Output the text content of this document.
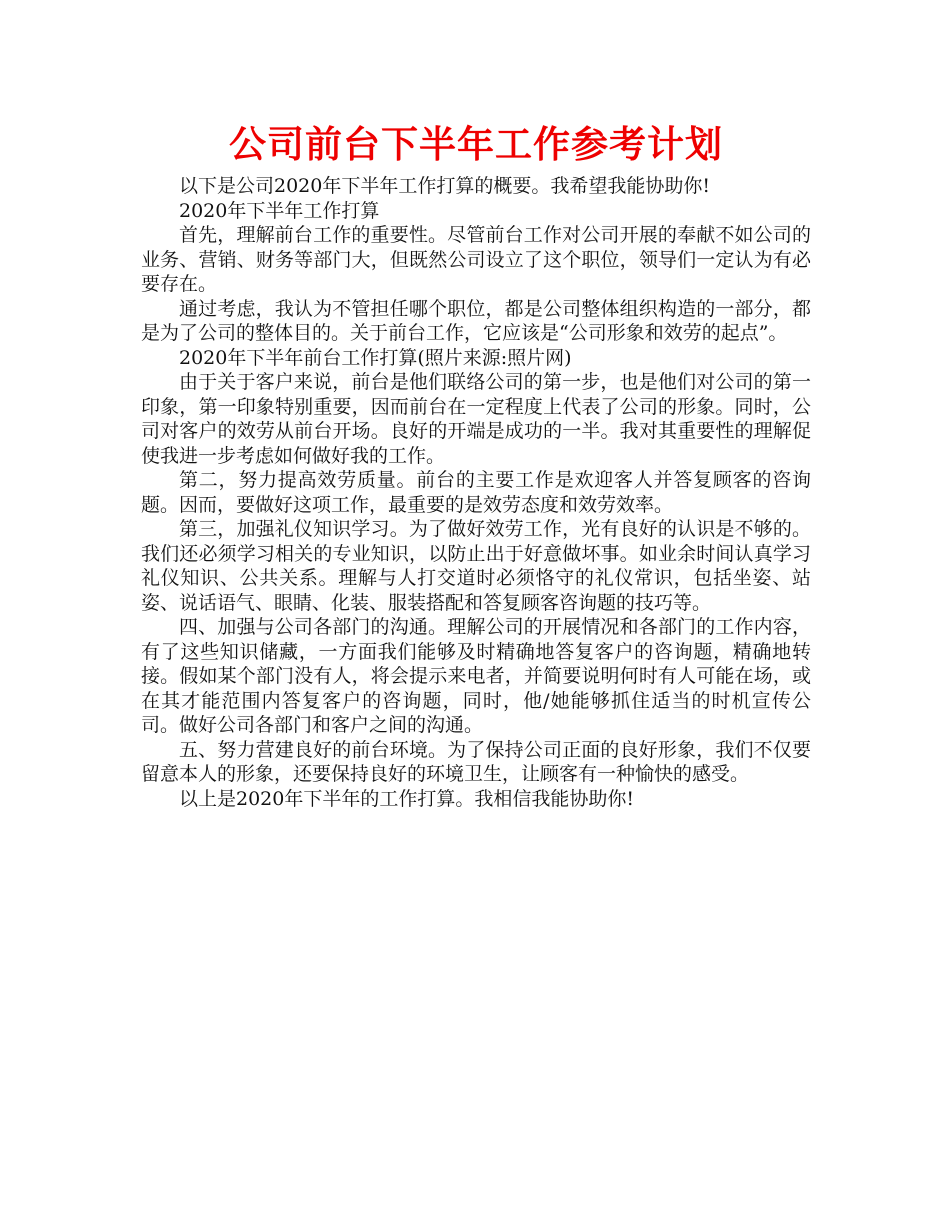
公司前台下半年工作参考计划

以下是公司2020年下半年工作打算的概要。我希望我能协助你!

2020年下半年工作打算

首先，理解前台工作的重要性。尽管前台工作对公司开展的奉献不如公司的业务、营销、财务等部门大，但既然公司设立了这个职位，领导们一定认为有必要存在。

通过考虑，我认为不管担任哪个职位，都是公司整体组织构造的一部分，都是为了公司的整体目的。关于前台工作，它应该是“公司形象和效劳的起点”。

2020年下半年前台工作打算(照片来源:照片网)

由于关于客户来说，前台是他们联络公司的第一步，也是他们对公司的第一印象，第一印象特别重要，因而前台在一定程度上代表了公司的形象。同时，公司对客户的效劳从前台开场。良好的开端是成功的一半。我对其重要性的理解促使我进一步考虑如何做好我的工作。

第二，努力提高效劳质量。前台的主要工作是欢迎客人并答复顾客的咨询题。因而，要做好这项工作，最重要的是效劳态度和效劳效率。

第三，加强礼仪知识学习。为了做好效劳工作，光有良好的认识是不够的。我们还必须学习相关的专业知识，以防止出于好意做坏事。如业余时间认真学习礼仪知识、公共关系。理解与人打交道时必须恪守的礼仪常识，包括坐姿、站姿、说话语气、眼睛、化装、服装搭配和答复顾客咨询题的技巧等。

四、加强与公司各部门的沟通。理解公司的开展情况和各部门的工作内容，有了这些知识储藏，一方面我们能够及时精确地答复客户的咨询题，精确地转接。假如某个部门没有人，将会提示来电者，并简要说明何时有人可能在场，或在其才能范围内答复客户的咨询题，同时，他/她能够抓住适当的时机宣传公司。做好公司各部门和客户之间的沟通。

五、努力营建良好的前台环境。为了保持公司正面的良好形象，我们不仅要留意本人的形象，还要保持良好的环境卫生，让顾客有一种愉快的感受。

以上是2020年下半年的工作打算。我相信我能协助你!
